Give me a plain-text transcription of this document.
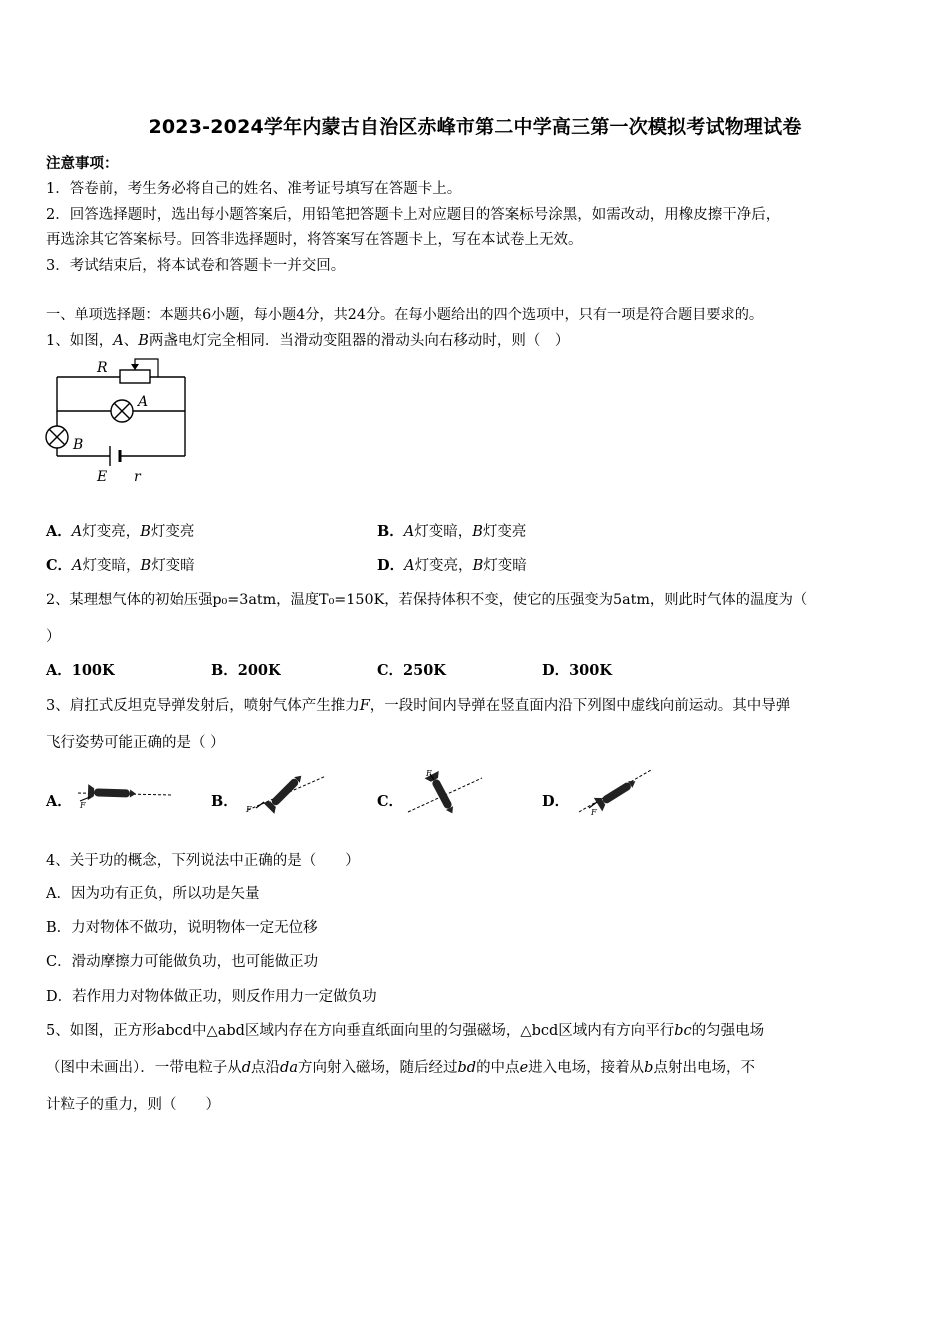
2023-2024学年内蒙古自治区赤峰市第二中学高三第一次模拟考试物理试卷
注意事项：
1．答卷前，考生务必将自己的姓名、准考证号填写在答题卡上。
2．回答选择题时，选出每小题答案后，用铅笔把答题卡上对应题目的答案标号涂黑，如需改动，用橡皮擦干净后，
再选涂其它答案标号。回答非选择题时，将答案写在答题卡上，写在本试卷上无效。
3．考试结束后，将本试卷和答题卡一并交回。
一、单项选择题：本题共6小题，每小题4分，共24分。在每小题给出的四个选项中，只有一项是符合题目要求的。
1、如图，A、B两盏电灯完全相同．当滑动变阻器的滑动头向右移动时，则（　）
R
A
B
E r
A．A灯变亮，B灯变亮	B．A灯变暗，B灯变亮
C．A灯变暗，B灯变暗	D．A灯变亮，B灯变暗
2、某理想气体的初始压强p₀=3atm，温度T₀=150K，若保持体积不变，使它的压强变为5atm，则此时气体的温度为（
）
A．100K	B．200K	C．250K	D．300K
3、肩扛式反坦克导弹发射后，喷射气体产生推力F，一段时间内导弹在竖直面内沿下列图中虚线向前运动。其中导弹
飞行姿势可能正确的是（ ）
A． F	B． F	C．
F
D．
F
4、关于功的概念，下列说法中正确的是（　　）
A．因为功有正负，所以功是矢量
B．力对物体不做功，说明物体一定无位移
C．滑动摩擦力可能做负功，也可能做正功
D．若作用力对物体做正功，则反作用力一定做负功
5、如图，正方形abcd中△abd区域内存在方向垂直纸面向里的匀强磁场，△bcd区域内有方向平行bc的匀强电场
（图中未画出）．一带电粒子从d点沿da方向射入磁场，随后经过bd的中点e进入电场，接着从b点射出电场，不
计粒子的重力，则（　　）
